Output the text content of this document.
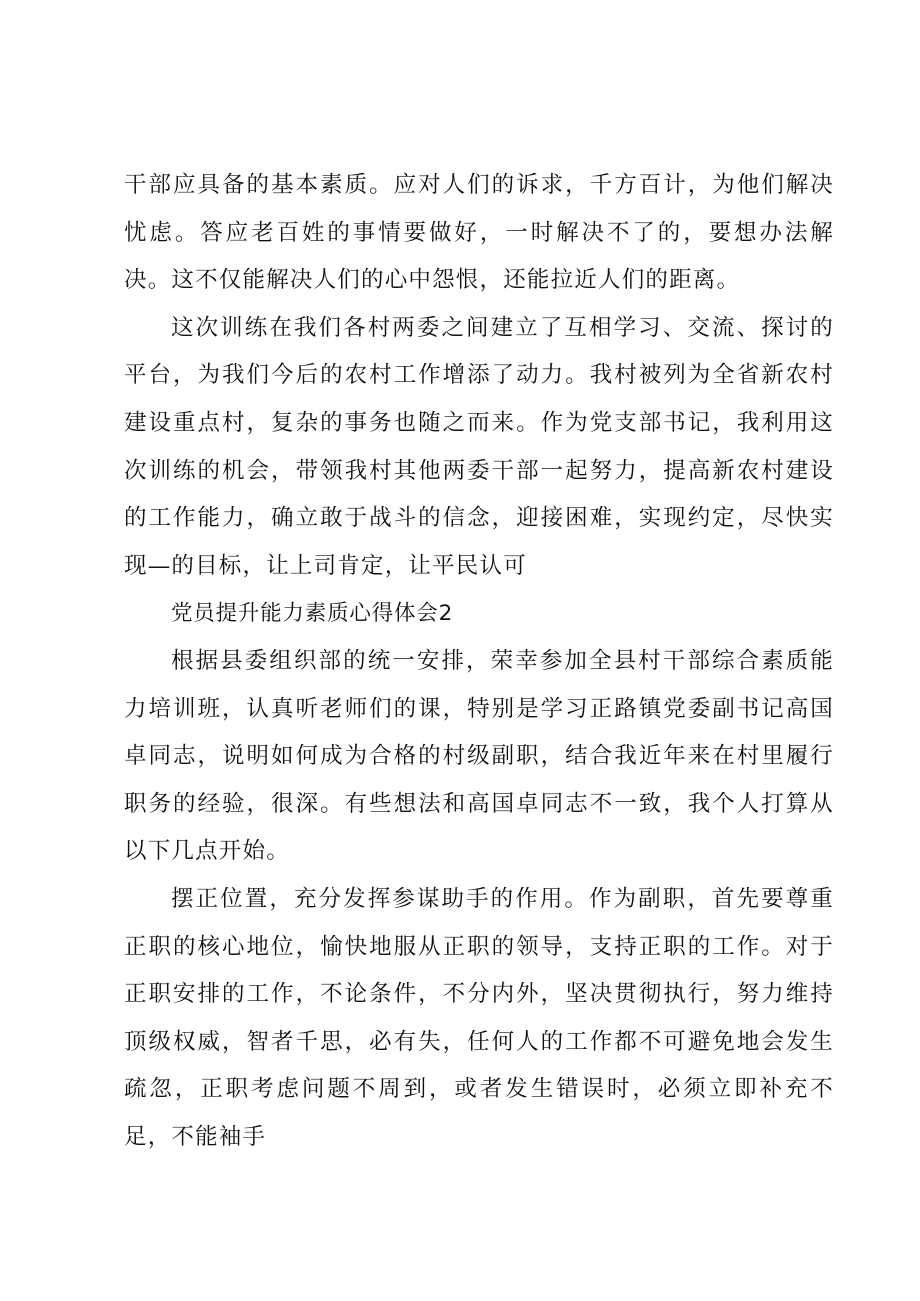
干部应具备的基本素质。应对人们的诉求，千方百计，为他们解决忧虑。答应老百姓的事情要做好，一时解决不了的，要想办法解决。这不仅能解决人们的心中怨恨，还能拉近人们的距离。

这次训练在我们各村两委之间建立了互相学习、交流、探讨的平台，为我们今后的农村工作增添了动力。我村被列为全省新农村建设重点村，复杂的事务也随之而来。作为党支部书记，我利用这次训练的机会，带领我村其他两委干部一起努力，提高新农村建设的工作能力，确立敢于战斗的信念，迎接困难，实现约定，尽快实现—的目标，让上司肯定，让平民认可

党员提升能力素质心得体会2

根据县委组织部的统一安排，荣幸参加全县村干部综合素质能力培训班，认真听老师们的课，特别是学习正路镇党委副书记高国卓同志，说明如何成为合格的村级副职，结合我近年来在村里履行职务的经验，很深。有些想法和高国卓同志不一致，我个人打算从以下几点开始。

摆正位置，充分发挥参谋助手的作用。作为副职，首先要尊重正职的核心地位，愉快地服从正职的领导，支持正职的工作。对于正职安排的工作，不论条件，不分内外，坚决贯彻执行，努力维持顶级权威，智者千思，必有失，任何人的工作都不可避免地会发生疏忽，正职考虑问题不周到，或者发生错误时，必须立即补充不足，不能袖手
